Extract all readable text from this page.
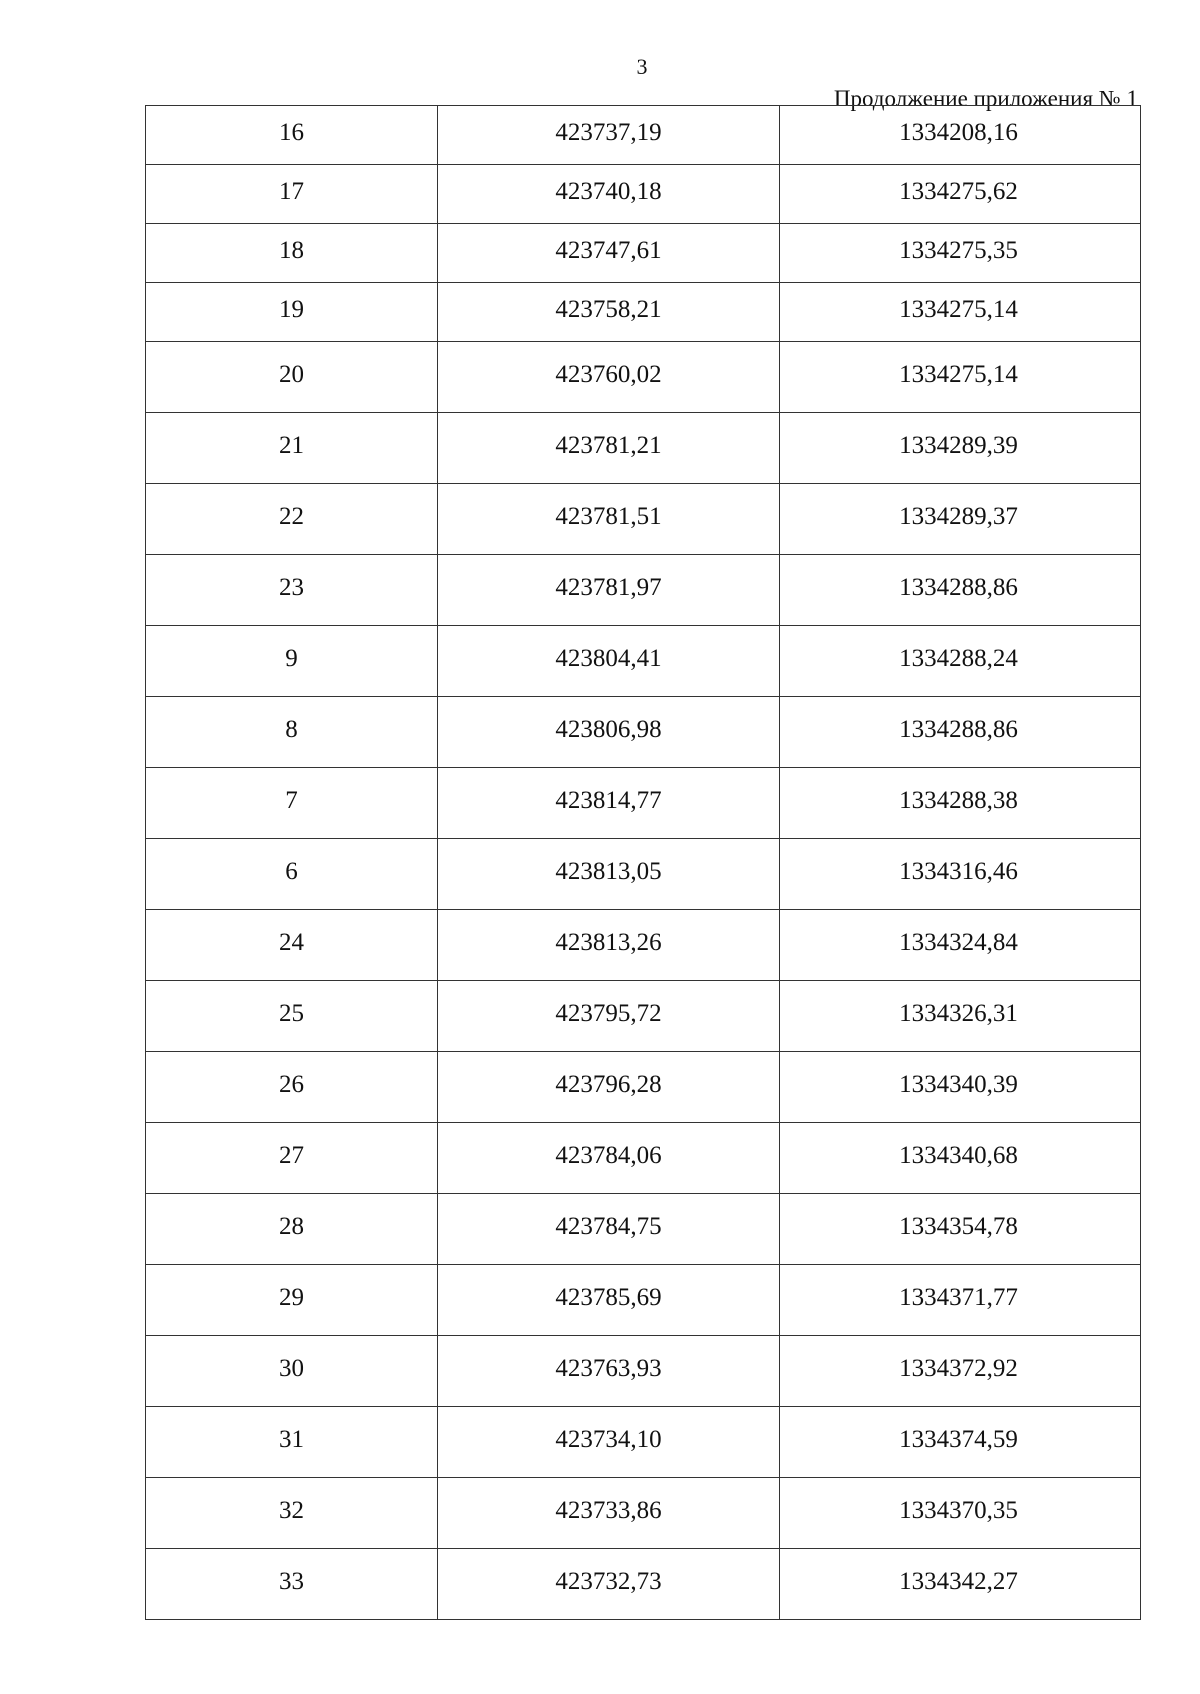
3
Продолжение приложения № 1
16	423737,19	1334208,16
17	423740,18	1334275,62
18	423747,61	1334275,35
19	423758,21	1334275,14
20	423760,02	1334275,14
21	423781,21	1334289,39
22	423781,51	1334289,37
23	423781,97	1334288,86
9	423804,41	1334288,24
8	423806,98	1334288,86
7	423814,77	1334288,38
6	423813,05	1334316,46
24	423813,26	1334324,84
25	423795,72	1334326,31
26	423796,28	1334340,39
27	423784,06	1334340,68
28	423784,75	1334354,78
29	423785,69	1334371,77
30	423763,93	1334372,92
31	423734,10	1334374,59
32	423733,86	1334370,35
33	423732,73	1334342,27
